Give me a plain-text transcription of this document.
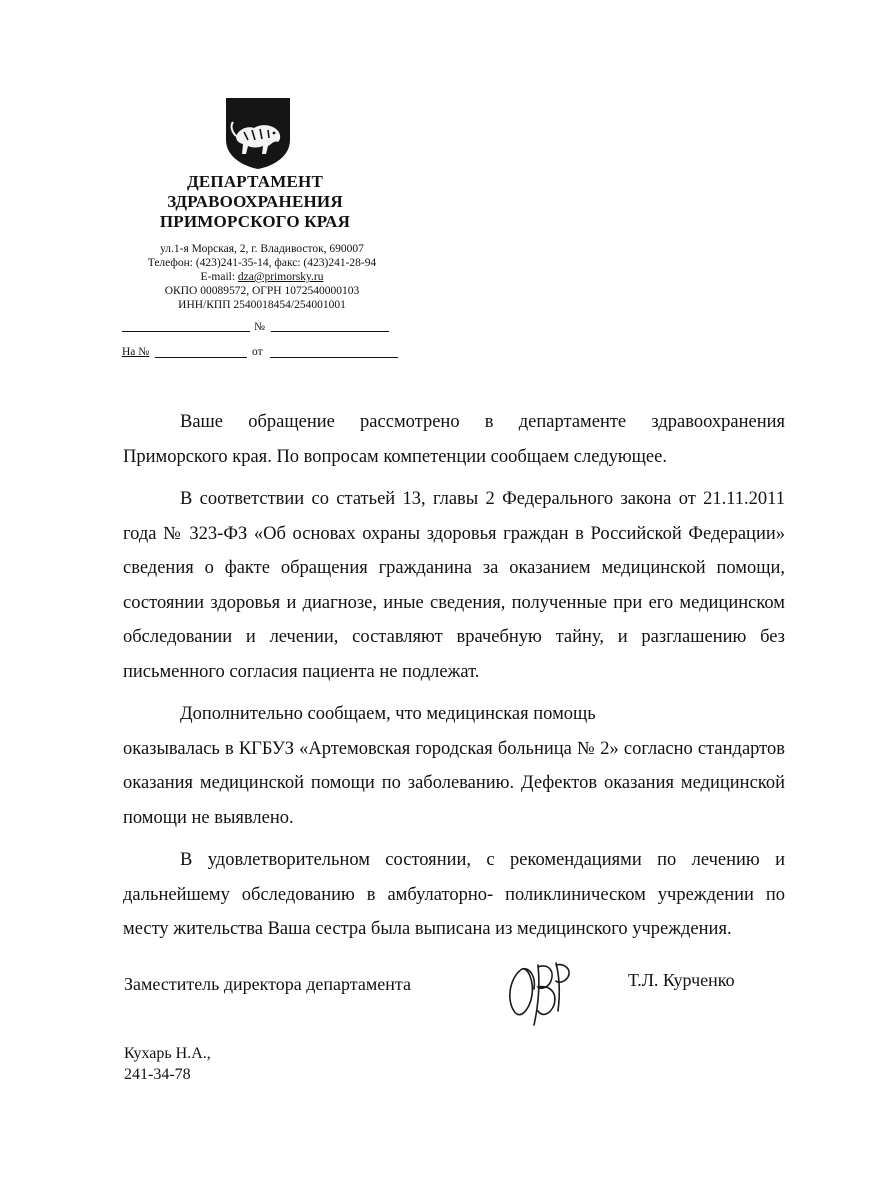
ДЕПАРТАМЕНТ
ЗДРАВООХРАНЕНИЯ
ПРИМОРСКОГО КРАЯ
ул.1-я Морская, 2, г. Владивосток, 690007
Телефон: (423)241-35-14, факс: (423)241-28-94
E-mail: dza@primorsky.ru
ОКПО 00089572, ОГРН 1072540000103
ИНН/КПП 2540018454/254001001
№
На №	от

Ваше обращение рассмотрено в департаменте здравоохранения Приморского края. По вопросам компетенции сообщаем следующее.

В соответствии со статьей 13, главы 2 Федерального закона от 21.11.2011 года № 323-ФЗ «Об основах охраны здоровья граждан в Российской Федерации» сведения о факте обращения гражданина за оказанием медицинской помощи, состоянии здоровья и диагнозе, иные сведения, полученные при его медицинском обследовании и лечении, составляют врачебную тайну, и разглашению без письменного согласия пациента не подлежат.

Дополнительно сообщаем, что медицинская помощь

оказывалась в КГБУЗ «Артемовская городская больница № 2» согласно стандартов оказания медицинской помощи по заболеванию. Дефектов оказания медицинской помощи не выявлено.

В удовлетворительном состоянии, с рекомендациями по лечению и дальнейшему обследованию в амбулаторно- поликлиническом учреждении по месту жительства Ваша сестра была выписана из медицинского учреждения.

Заместитель директора департамента	Т.Л. Курченко
Кухарь Н.А.,
241-34-78
